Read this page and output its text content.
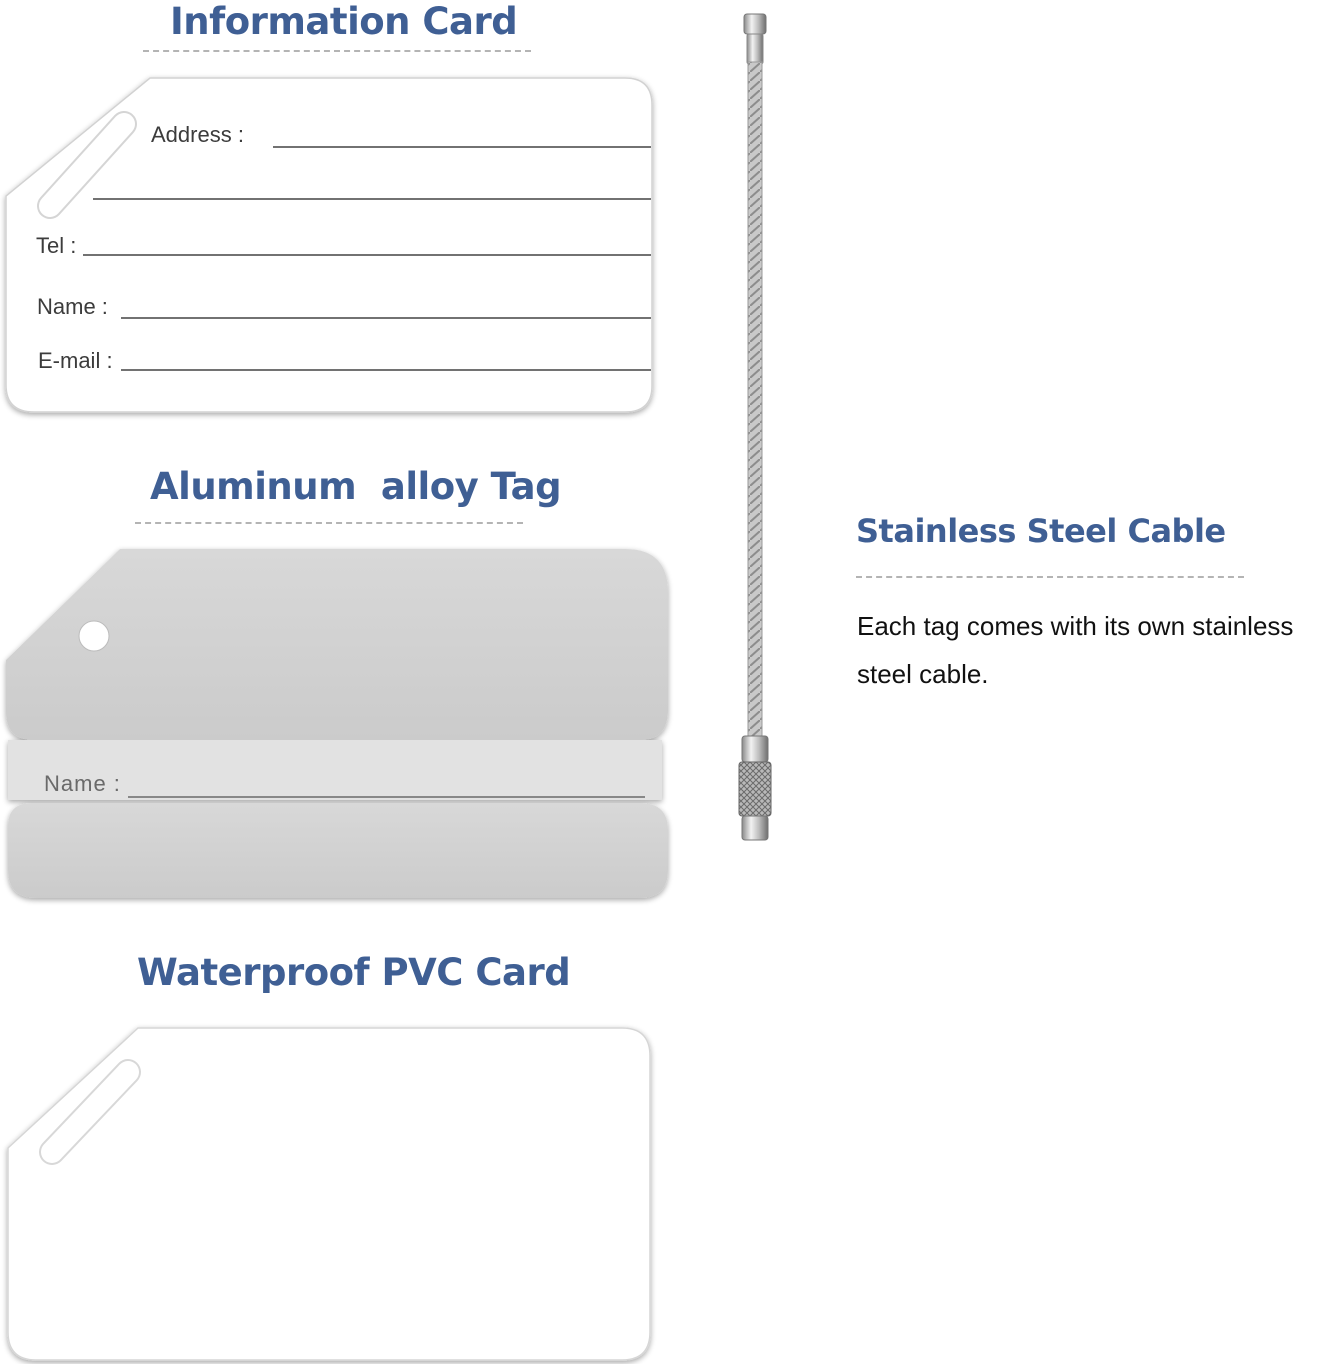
Information Card
Address :
Tel :
Name :
E-mail :
Aluminum  alloy Tag
Name :
Waterproof PVC Card
Stainless Steel Cable

Each tag comes with its own stainless steel cable.
